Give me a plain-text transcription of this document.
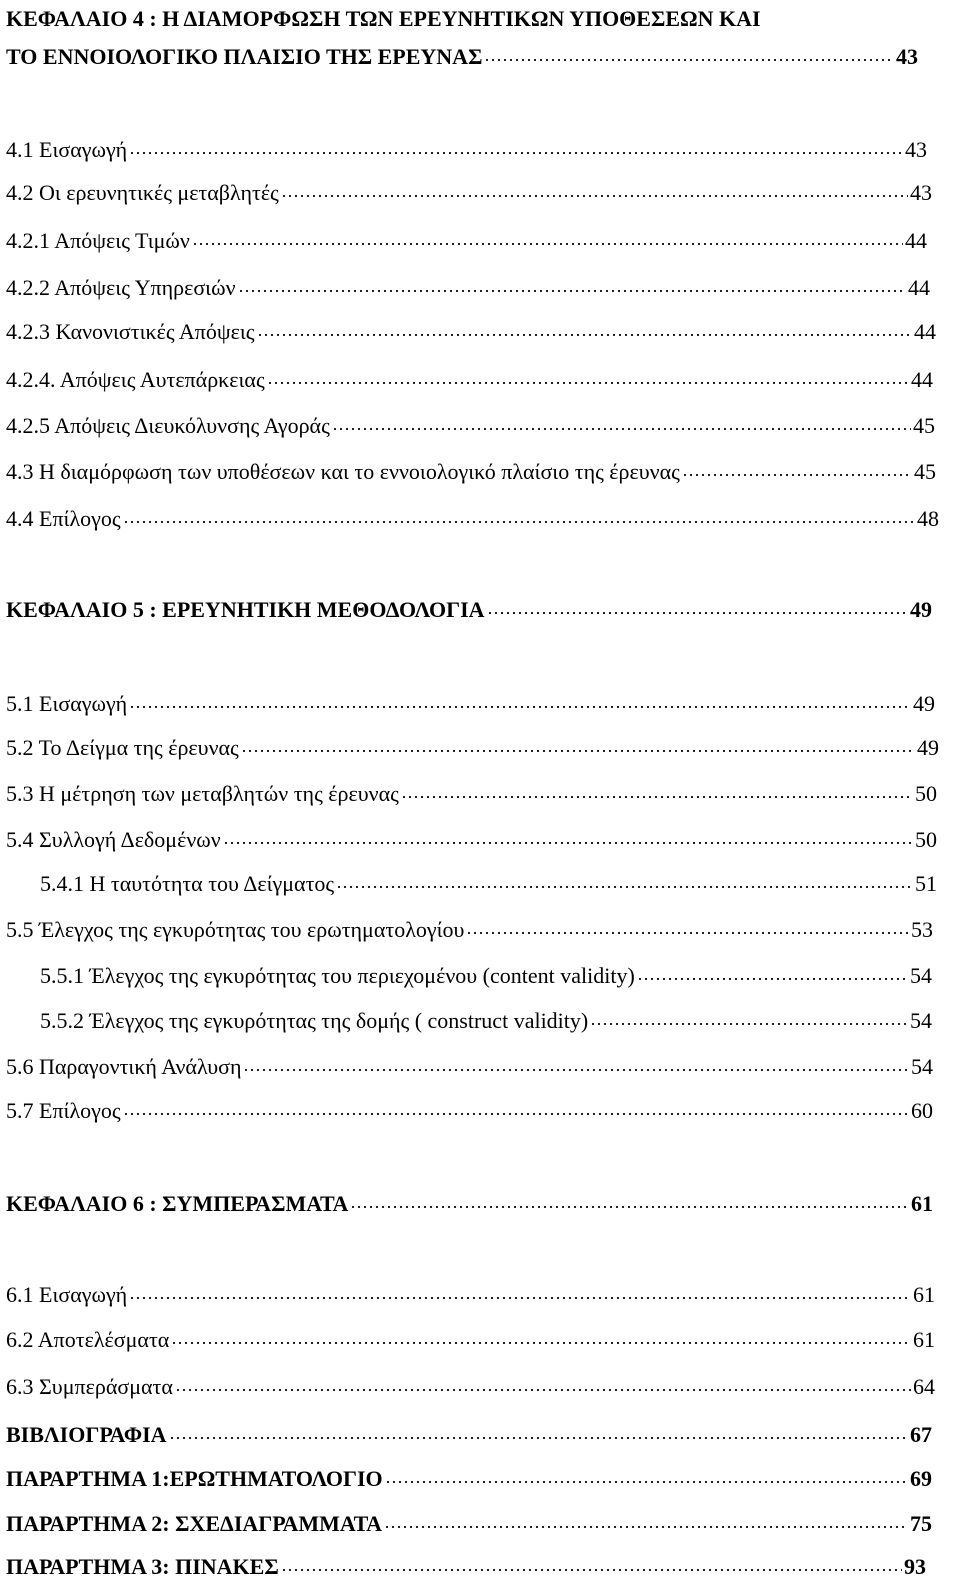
ΚΕΦΑΛΑΙΟ 4 : Η ΔΙΑΜΟΡΦΩΣΗ ΤΩΝ ΕΡΕΥΝΗΤΙΚΩΝ ΥΠΟΘΕΣΕΩΝ ΚΑΙ
ΤΟ ΕΝΝΟΙΟΛΟΓΙΚΟ ΠΛΑΙΣΙΟ ΤΗΣ ΕΡΕΥΝΑΣ	43
4.1 Εισαγωγή	43
4.2 Οι ερευνητικές μεταβλητές	43
4.2.1 Απόψεις Τιμών	44
4.2.2 Απόψεις Υπηρεσιών	44
4.2.3 Κανονιστικές Απόψεις	44
4.2.4. Απόψεις Αυτεπάρκειας	44
4.2.5 Απόψεις Διευκόλυνσης Αγοράς	45
4.3 Η διαμόρφωση των υποθέσεων και το εννοιολογικό πλαίσιο της έρευνας	45
4.4 Επίλογος	48
ΚΕΦΑΛΑΙΟ 5 : ΕΡΕΥΝΗΤΙΚΗ ΜΕΘΟΔΟΛΟΓΙΑ	49
5.1 Εισαγωγή	49
5.2 Το Δείγμα της έρευνας	49
5.3 Η μέτρηση των μεταβλητών της έρευνας	50
5.4 Συλλογή Δεδομένων	50
5.4.1 Η ταυτότητα του Δείγματος	51
5.5 Έλεγχος της εγκυρότητας του ερωτηματολογίου	53
5.5.1 Έλεγχος της εγκυρότητας του περιεχομένου (content validity)	54
5.5.2 Έλεγχος της εγκυρότητας της δομής ( construct validity)	54
5.6 Παραγοντική Ανάλυση	54
5.7 Επίλογος	60
ΚΕΦΑΛΑΙΟ 6 : ΣΥΜΠΕΡΑΣΜΑΤΑ	61
6.1 Εισαγωγή	61
6.2 Αποτελέσματα	61
6.3 Συμπεράσματα	64
ΒΙΒΛΙΟΓΡΑΦΙΑ	67
ΠΑΡΑΡΤΗΜΑ 1:ΕΡΩΤΗΜΑΤΟΛΟΓΙΟ	69
ΠΑΡΑΡΤΗΜΑ 2: ΣΧΕΔΙΑΓΡΑΜΜΑΤΑ	75
ΠΑΡΑΡΤΗΜΑ 3: ΠΙΝΑΚΕΣ	93
